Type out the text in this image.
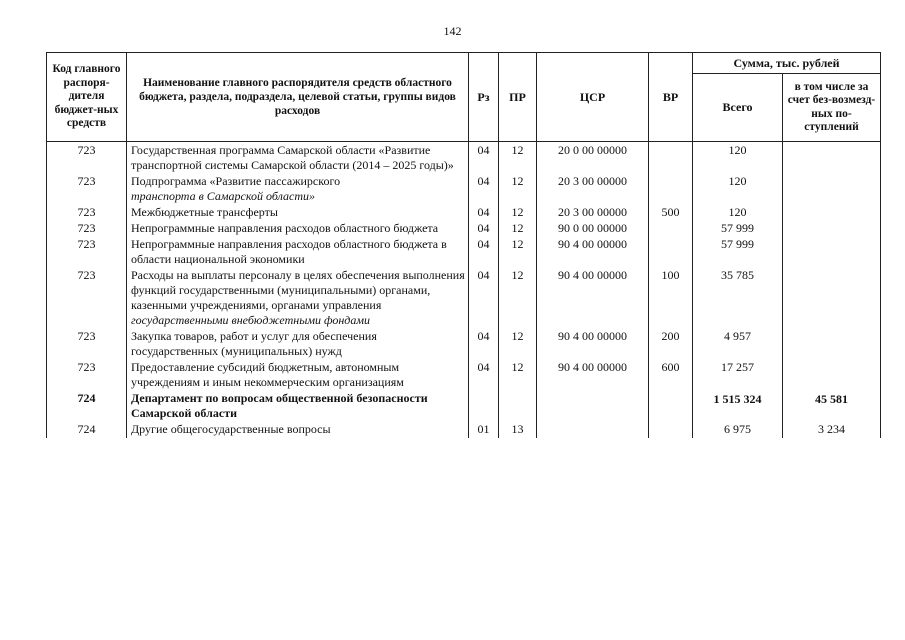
142
Код главного распоря-дителя бюджет-ных средств	Наименование главного распорядителя средств областного бюджета, раздела, подраздела, целевой статьи, группы видов расходов	Рз	ПР	ЦСР	ВР	Сумма, тыс. рублей	
						Всего	в том числе за счет без-возмезд-ных по-ступлений
723	Государственная программа Самарской области «Развитие транспортной системы Самарской области (2014 – 2025 годы)»	04	12	20 0 00 00000		120	
723	Подпрограмма «Развитие пассажирского
транспорта в Самарской области»	04	12	20 3 00 00000		120	
723	Межбюджетные трансферты	04	12	20 3 00 00000	500	120	
723	Непрограммные направления расходов областного бюджета	04	12	90 0 00 00000		57 999	
723	Непрограммные направления расходов областного бюджета в области национальной экономики	04	12	90 4 00 00000		57 999	
723	Расходы на выплаты персоналу в целях обеспечения выполнения функций государственными (муниципальными) органами, казенными учреждениями, органами управления
государственными внебюджетными фондами	04	12	90 4 00 00000	100	35 785	
723	Закупка товаров, работ и услуг для обеспечения государственных (муниципальных) нужд	04	12	90 4 00 00000	200	4 957	
723	Предоставление субсидий бюджетным, автономным учреждениям и иным некоммерческим организациям	04	12	90 4 00 00000	600	17 257	
724	Департамент по вопросам общественной безопасности Самарской области					1 515 324	45 581
724	Другие общегосударственные вопросы	01	13			6 975	3 234
